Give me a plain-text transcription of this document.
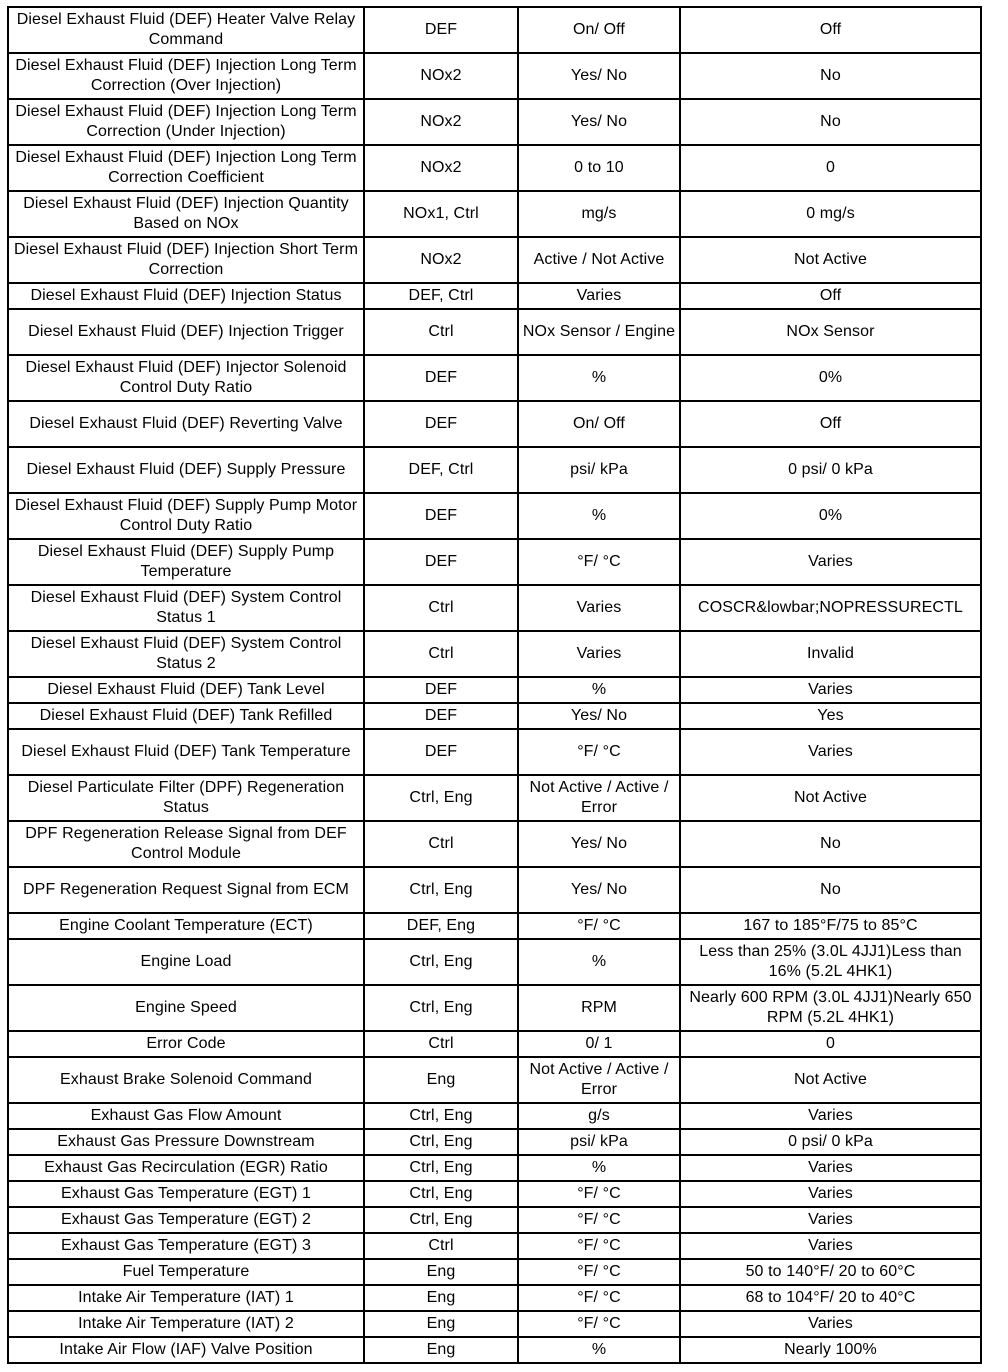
Diesel Exhaust Fluid (DEF) Heater Valve Relay Command	DEF	On/ Off	Off
Diesel Exhaust Fluid (DEF) Injection Long Term Correction (Over Injection)	NOx2	Yes/ No	No
Diesel Exhaust Fluid (DEF) Injection Long Term Correction (Under Injection)	NOx2	Yes/ No	No
Diesel Exhaust Fluid (DEF) Injection Long Term Correction Coefficient	NOx2	0 to 10	0
Diesel Exhaust Fluid (DEF) Injection Quantity Based on NOx	NOx1, Ctrl	mg/s	0 mg/s
Diesel Exhaust Fluid (DEF) Injection Short Term Correction	NOx2	Active / Not Active	Not Active
Diesel Exhaust Fluid (DEF) Injection Status	DEF, Ctrl	Varies	Off
Diesel Exhaust Fluid (DEF) Injection Trigger	Ctrl	NOx Sensor / Engine	NOx Sensor
Diesel Exhaust Fluid (DEF) Injector Solenoid Control Duty Ratio	DEF	%	0%
Diesel Exhaust Fluid (DEF) Reverting Valve	DEF	On/ Off	Off
Diesel Exhaust Fluid (DEF) Supply Pressure	DEF, Ctrl	psi/ kPa	0 psi/ 0 kPa
Diesel Exhaust Fluid (DEF) Supply Pump Motor Control Duty Ratio	DEF	%	0%
Diesel Exhaust Fluid (DEF) Supply Pump Temperature	DEF	°F/ °C	Varies
Diesel Exhaust Fluid (DEF) System Control Status 1	Ctrl	Varies	COSCR&lowbar;NOPRESSURECTL
Diesel Exhaust Fluid (DEF) System Control Status 2	Ctrl	Varies	Invalid
Diesel Exhaust Fluid (DEF) Tank Level	DEF	%	Varies
Diesel Exhaust Fluid (DEF) Tank Refilled	DEF	Yes/ No	Yes
Diesel Exhaust Fluid (DEF) Tank Temperature	DEF	°F/ °C	Varies
Diesel Particulate Filter (DPF) Regeneration Status	Ctrl, Eng	Not Active / Active / Error	Not Active
DPF Regeneration Release Signal from DEF Control Module	Ctrl	Yes/ No	No
DPF Regeneration Request Signal from ECM	Ctrl, Eng	Yes/ No	No
Engine Coolant Temperature (ECT)	DEF, Eng	°F/ °C	167 to 185°F/75 to 85°C
Engine Load	Ctrl, Eng	%	Less than 25% (3.0L 4JJ1)Less than 16% (5.2L 4HK1)
Engine Speed	Ctrl, Eng	RPM	Nearly 600 RPM (3.0L 4JJ1)Nearly 650 RPM (5.2L 4HK1)
Error Code	Ctrl	0/ 1	0
Exhaust Brake Solenoid Command	Eng	Not Active / Active / Error	Not Active
Exhaust Gas Flow Amount	Ctrl, Eng	g/s	Varies
Exhaust Gas Pressure Downstream	Ctrl, Eng	psi/ kPa	0 psi/ 0 kPa
Exhaust Gas Recirculation (EGR) Ratio	Ctrl, Eng	%	Varies
Exhaust Gas Temperature (EGT) 1	Ctrl, Eng	°F/ °C	Varies
Exhaust Gas Temperature (EGT) 2	Ctrl, Eng	°F/ °C	Varies
Exhaust Gas Temperature (EGT) 3	Ctrl	°F/ °C	Varies
Fuel Temperature	Eng	°F/ °C	50 to 140°F/ 20 to 60°C
Intake Air Temperature (IAT) 1	Eng	°F/ °C	68 to 104°F/ 20 to 40°C
Intake Air Temperature (IAT) 2	Eng	°F/ °C	Varies
Intake Air Flow (IAF) Valve Position	Eng	%	Nearly 100%
